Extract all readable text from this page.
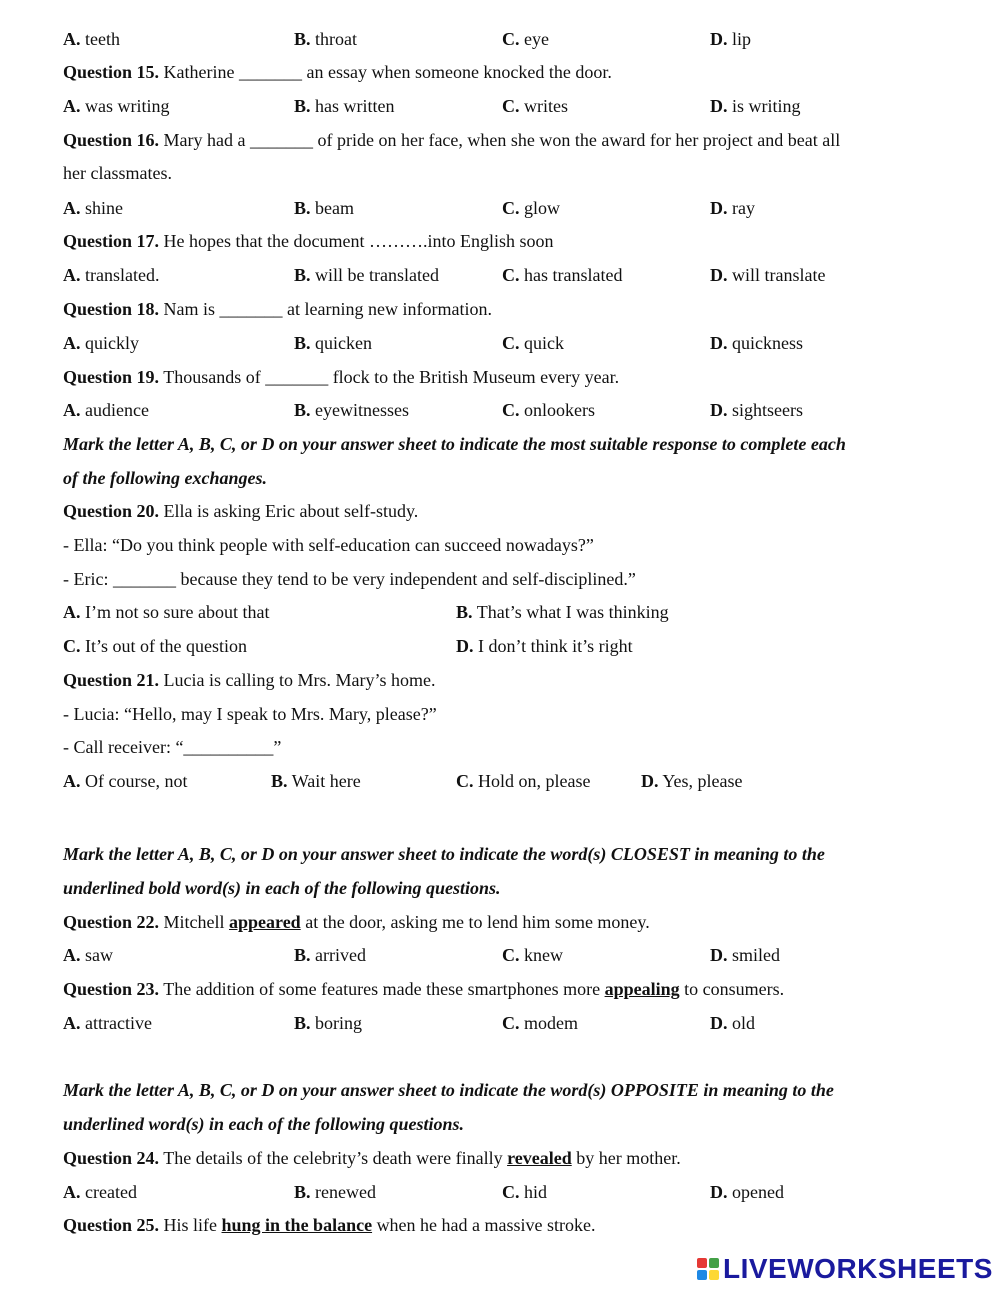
A. teeth	B. throat	C. eye	D. lip
Question 15. Katherine _______ an essay when someone knocked the door.
A. was writing	B. has written	C. writes	D. is writing
Question 16. Mary had a _______ of pride on her face, when she won the award for her project and beat all
her classmates.
A. shine	B. beam	C. glow	D. ray
Question 17. He hopes that the document ……….into English soon
A. translated.	B. will be translated	C. has translated	D. will translate
Question 18. Nam is _______ at learning new information.
A. quickly	B. quicken	C. quick	D. quickness
Question 19. Thousands of _______ flock to the British Museum every year.
A. audience	B. eyewitnesses	C. onlookers	D. sightseers
Mark the letter A, B, C, or D on your answer sheet to indicate the most suitable response to complete each
of the following exchanges.
Question 20. Ella is asking Eric about self-study.
- Ella: “Do you think people with self-education can succeed nowadays?”
- Eric: _______ because they tend to be very independent and self-disciplined.”
A. I’m not so sure about that	B. That’s what I was thinking
C. It’s out of the question	D. I don’t think it’s right
Question 21. Lucia is calling to Mrs. Mary’s home.
- Lucia: “Hello, may I speak to Mrs. Mary, please?”
- Call receiver: “__________”
A. Of course, not	B. Wait here	C. Hold on, please	D. Yes, please
Mark the letter A, B, C, or D on your answer sheet to indicate the word(s) CLOSEST in meaning to the
underlined bold word(s) in each of the following questions.
Question 22. Mitchell appeared at the door, asking me to lend him some money.
A. saw	B. arrived	C. knew	D. smiled
Question 23. The addition of some features made these smartphones more appealing to consumers.
A. attractive	B. boring	C. modem	D. old
Mark the letter A, B, C, or D on your answer sheet to indicate the word(s) OPPOSITE in meaning to the
underlined word(s) in each of the following questions.
Question 24. The details of the celebrity’s death were finally revealed by her mother.
A. created	B. renewed	C. hid	D. opened
Question 25. His life hung in the balance when he had a massive stroke.
LIVEWORKSHEETS
